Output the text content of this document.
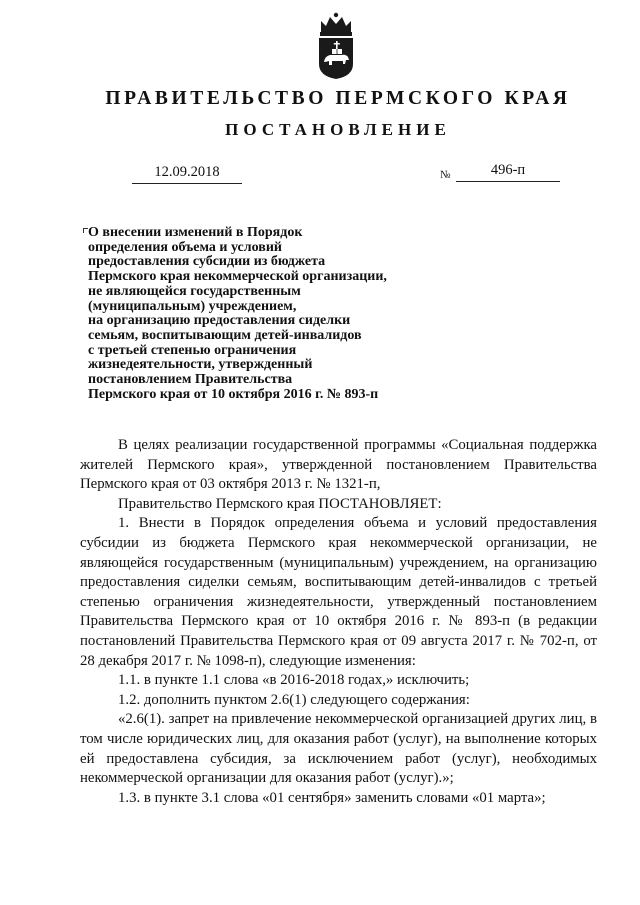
ПРАВИТЕЛЬСТВО ПЕРМСКОГО КРАЯ
ПОСТАНОВЛЕНИЕ
12.09.2018	№	496-п
О внесении изменений в Порядок
определения объема и условий
предоставления субсидии из бюджета
Пермского края некоммерческой организации,
не являющейся государственным
(муниципальным) учреждением,
на организацию предоставления сиделки
семьям, воспитывающим детей-инвалидов
с третьей степенью ограничения
жизнедеятельности, утвержденный
постановлением Правительства
Пермского края от 10 октября 2016 г. № 893-п

В целях реализации государственной программы «Социальная поддержка жителей Пермского края», утвержденной постановлением Правительства Пермского края от 03 октября 2013 г. № 1321-п,

Правительство Пермского края ПОСТАНОВЛЯЕТ:

1. Внести в Порядок определения объема и условий предоставления субсидии из бюджета Пермского края некоммерческой организации, не являющейся государственным (муниципальным) учреждением, на организацию предоставления сиделки семьям, воспитывающим детей-инвалидов с третьей степенью ограничения жизнедеятельности, утвержденный постановлением Правительства Пермского края от 10 октября 2016 г. № 893-п (в редакции постановлений Правительства Пермского края от 09 августа 2017 г. № 702-п, от 28 декабря 2017 г. № 1098-п), следующие изменения:

1.1. в пункте 1.1 слова «в 2016-2018 годах,» исключить;

1.2. дополнить пунктом 2.6(1) следующего содержания:

«2.6(1). запрет на привлечение некоммерческой организацией других лиц, в том числе юридических лиц, для оказания работ (услуг), на выполнение которых ей предоставлена субсидия, за исключением работ (услуг), необходимых некоммерческой организации для оказания работ (услуг).»;

1.3. в пункте 3.1 слова «01 сентября» заменить словами «01 марта»;
